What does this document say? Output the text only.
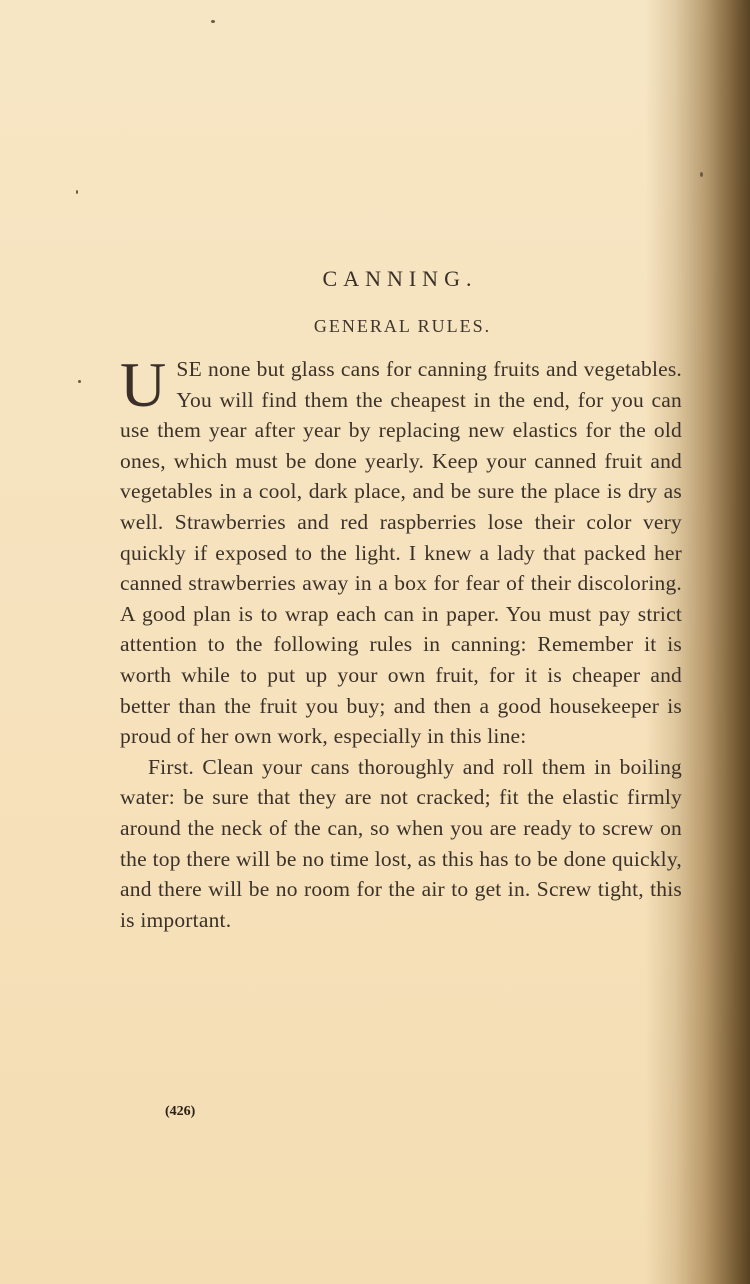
CANNING.
GENERAL RULES.

U SE none but glass cans for canning fruits and vegetables. You will find them the cheapest in the end, for you can use them year after year by replacing new elastics for the old ones, which must be done yearly. Keep your canned fruit and vegetables in a cool, dark place, and be sure the place is dry as well. Strawberries and red raspberries lose their color very quickly if exposed to the light. I knew a lady that packed her canned strawberries away in a box for fear of their discoloring. A good plan is to wrap each can in paper. You must pay strict attention to the following rules in canning: Remember it is worth while to put up your own fruit, for it is cheaper and better than the fruit you buy; and then a good housekeeper is proud of her own work, especially in this line:

First. Clean your cans thoroughly and roll them in boiling water: be sure that they are not cracked; fit the elastic firmly around the neck of the can, so when you are ready to screw on the top there will be no time lost, as this has to be done quickly, and there will be no room for the air to get in. Screw tight, this is important.

(426)
